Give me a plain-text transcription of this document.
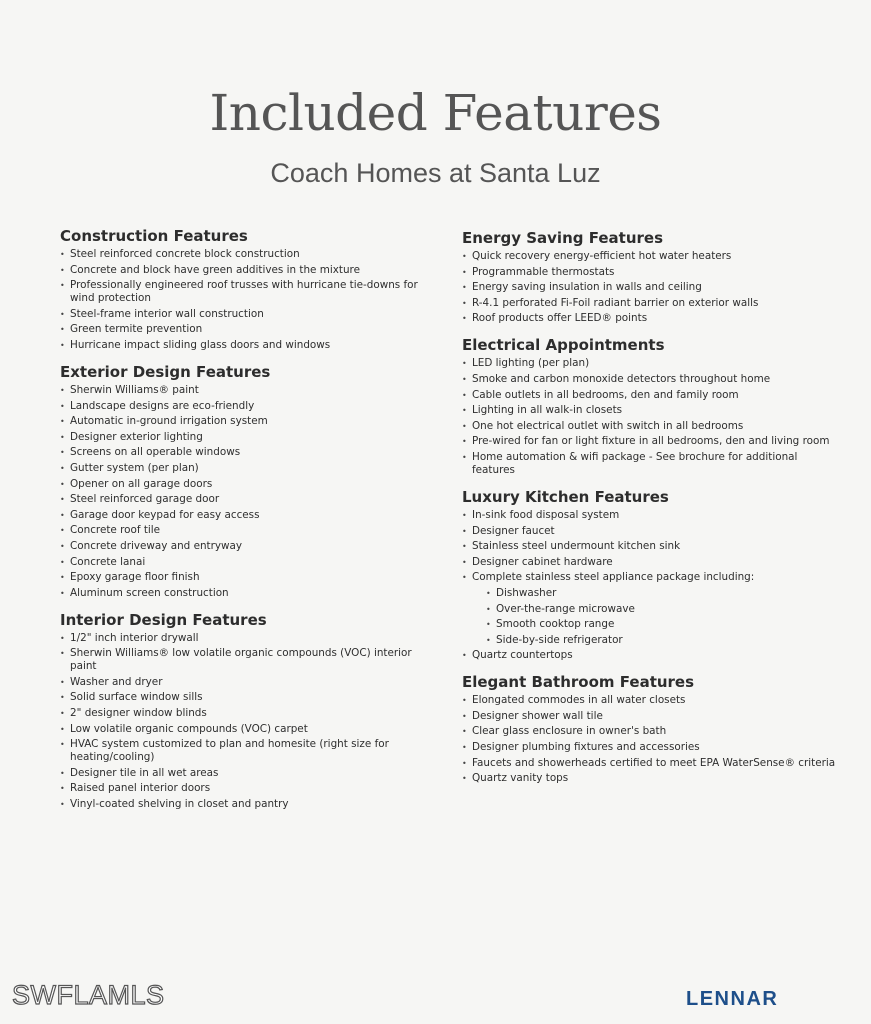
Included Features
Coach Homes at Santa Luz
Construction Features
• Steel reinforced concrete block construction
• Concrete and block have green additives in the mixture
• Professionally engineered roof trusses with hurricane tie-downs for wind protection
• Steel-frame interior wall construction
• Green termite prevention
• Hurricane impact sliding glass doors and windows
Exterior Design Features
• Sherwin Williams® paint
• Landscape designs are eco-friendly
• Automatic in-ground irrigation system
• Designer exterior lighting
• Screens on all operable windows
• Gutter system (per plan)
• Opener on all garage doors
• Steel reinforced garage door
• Garage door keypad for easy access
• Concrete roof tile
• Concrete driveway and entryway
• Concrete lanai
• Epoxy garage floor finish
• Aluminum screen construction
Interior Design Features
• 1/2" inch interior drywall
• Sherwin Williams® low volatile organic compounds (VOC) interior paint
• Washer and dryer
• Solid surface window sills
• 2" designer window blinds
• Low volatile organic compounds (VOC) carpet
• HVAC system customized to plan and homesite (right size for heating/cooling)
• Designer tile in all wet areas
• Raised panel interior doors
• Vinyl-coated shelving in closet and pantry
Energy Saving Features
• Quick recovery energy-efficient hot water heaters
• Programmable thermostats
• Energy saving insulation in walls and ceiling
• R-4.1 perforated Fi-Foil radiant barrier on exterior walls
• Roof products offer LEED® points
Electrical Appointments
• LED lighting (per plan)
• Smoke and carbon monoxide detectors throughout home
• Cable outlets in all bedrooms, den and family room
• Lighting in all walk-in closets
• One hot electrical outlet with switch in all bedrooms
• Pre-wired for fan or light fixture in all bedrooms, den and living room
• Home automation & wifi package - See brochure for additional features
Luxury Kitchen Features
• In-sink food disposal system
• Designer faucet
• Stainless steel undermount kitchen sink
• Designer cabinet hardware
• Complete stainless steel appliance package including:
• Dishwasher
• Over-the-range microwave
• Smooth cooktop range
• Side-by-side refrigerator
• Quartz countertops
Elegant Bathroom Features
• Elongated commodes in all water closets
• Designer shower wall tile
• Clear glass enclosure in owner's bath
• Designer plumbing fixtures and accessories
• Faucets and showerheads certified to meet EPA WaterSense® criteria
• Quartz vanity tops
SWFLAMLS	LENNAR
